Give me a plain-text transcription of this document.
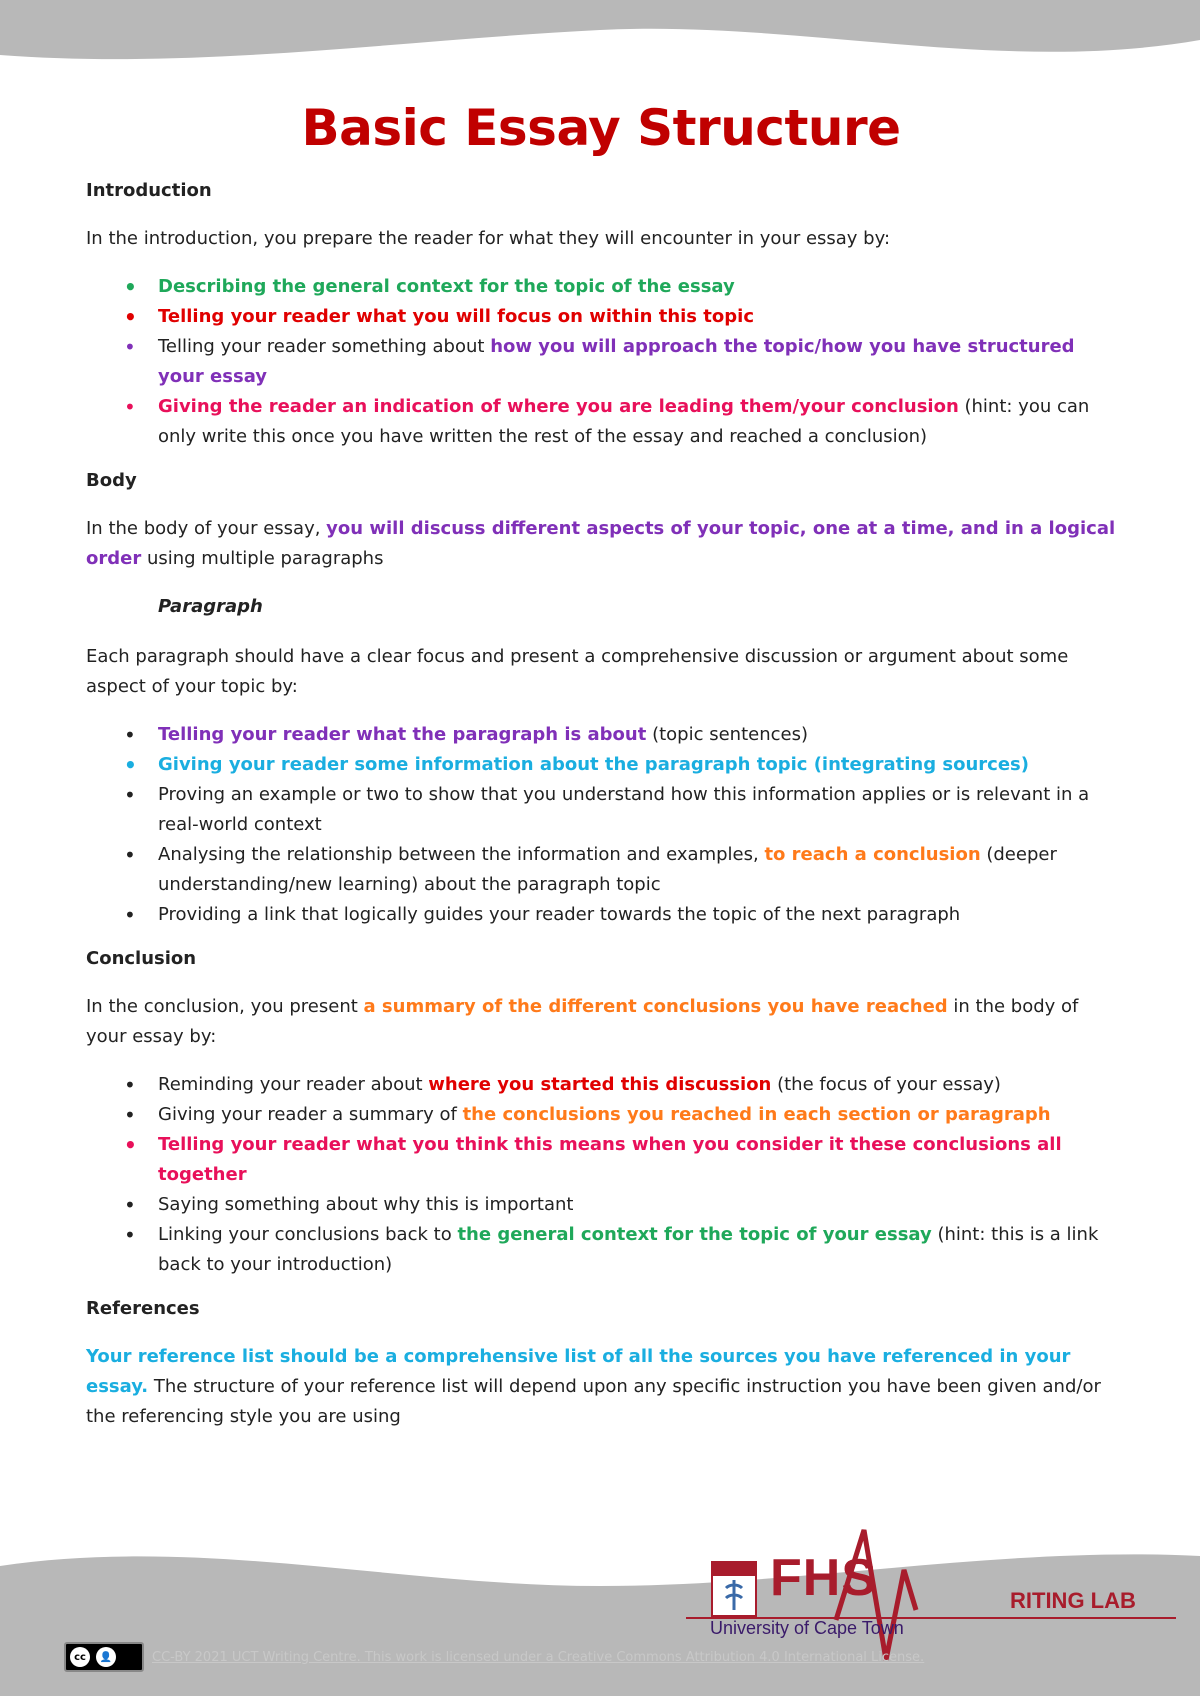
Basic Essay Structure
Introduction

In the introduction, you prepare the reader for what they will encounter in your essay by:

• Describing the general context for the topic of the essay
• Telling your reader what you will focus on within this topic
• Telling your reader something about how you will approach the topic/how you have structured your essay
• Giving the reader an indication of where you are leading them/your conclusion (hint: you can only write this once you have written the rest of the essay and reached a conclusion)
Body

In the body of your essay, you will discuss different aspects of your topic, one at a time, and in a logical order using multiple paragraphs

Paragraph

Each paragraph should have a clear focus and present a comprehensive discussion or argument about some aspect of your topic by:

• Telling your reader what the paragraph is about (topic sentences)
• Giving your reader some information about the paragraph topic (integrating sources)
• Proving an example or two to show that you understand how this information applies or is relevant in a real-world context
• Analysing the relationship between the information and examples, to reach a conclusion (deeper understanding/new learning) about the paragraph topic
• Providing a link that logically guides your reader towards the topic of the next paragraph
Conclusion

In the conclusion, you present a summary of the different conclusions you have reached in the body of your essay by:

• Reminding your reader about where you started this discussion (the focus of your essay)
• Giving your reader a summary of the conclusions you reached in each section or paragraph
• Telling your reader what you think this means when you consider it these conclusions all together
• Saying something about why this is important
• Linking your conclusions back to the general context for the topic of your essay (hint: this is a link back to your introduction)
References

Your reference list should be a comprehensive list of all the sources you have referenced in your essay. The structure of your reference list will depend upon any specific instruction you have been given and/or the referencing style you are using

FHS	RITING LAB
University of Cape Town
cc	👤	CC-BY 2021 UCT Writing Centre. This work is licensed under a Creative Commons Attribution 4.0 International License.
